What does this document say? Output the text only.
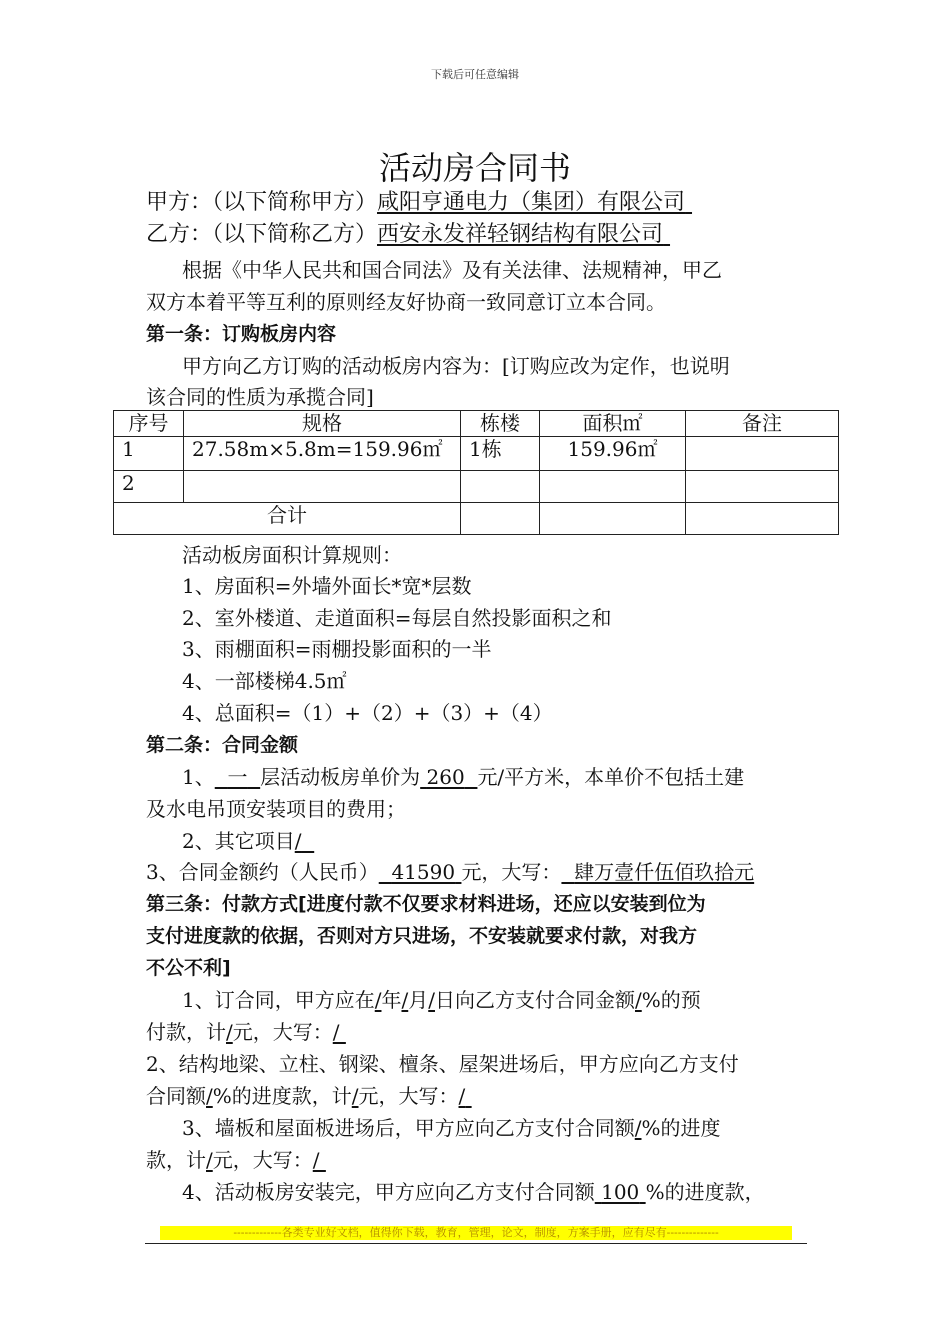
下载后可任意编辑
活动房合同书
甲方：（以下简称甲方）咸阳亨通电力（集团）有限公司
乙方：（以下简称乙方）西安永发祥轻钢结构有限公司
根据《中华人民共和国合同法》及有关法律、法规精神，甲乙
双方本着平等互利的原则经友好协商一致同意订立本合同。
第一条：订购板房内容
甲方向乙方订购的活动板房内容为：[订购应改为定作，也说明
该合同的性质为承揽合同]
序号	规格	栋楼	面积㎡	备注
1	27.58m×5.8m=159.96㎡	1栋	159.96㎡	
2				
合计				
活动板房面积计算规则：
1、房面积=外墙外面长*宽*层数
2、室外楼道、走道面积=每层自然投影面积之和
3、雨棚面积=雨棚投影面积的一半
4、一部楼梯4.5㎡
4、总面积=（1）+（2）+（3）+（4）
第二条：合同金额
1、 一 层活动板房单价为 260 元/平方米，本单价不包括土建
及水电吊顶安装项目的费用；
2、其它项目/
3、合同金额约（人民币） 41590 元，大写： 肆万壹仟伍佰玖拾元
第三条：付款方式[进度付款不仅要求材料进场，还应以安装到位为
支付进度款的依据，否则对方只进场，不安装就要求付款，对我方
不公不利]
1、订合同，甲方应在/年/月/日向乙方支付合同金额/%的预
付款，计/元，大写：/
2、结构地梁、立柱、钢梁、檀条、屋架进场后，甲方应向乙方支付
合同额/%的进度款，计/元，大写：/
3、墙板和屋面板进场后，甲方应向乙方支付合同额/%的进度
款，计/元，大写：/
4、活动板房安装完，甲方应向乙方支付合同额 100 %的进度款，
-------------各类专业好文档，值得你下载，教育，管理，论文，制度，方案手册，应有尽有--------------
